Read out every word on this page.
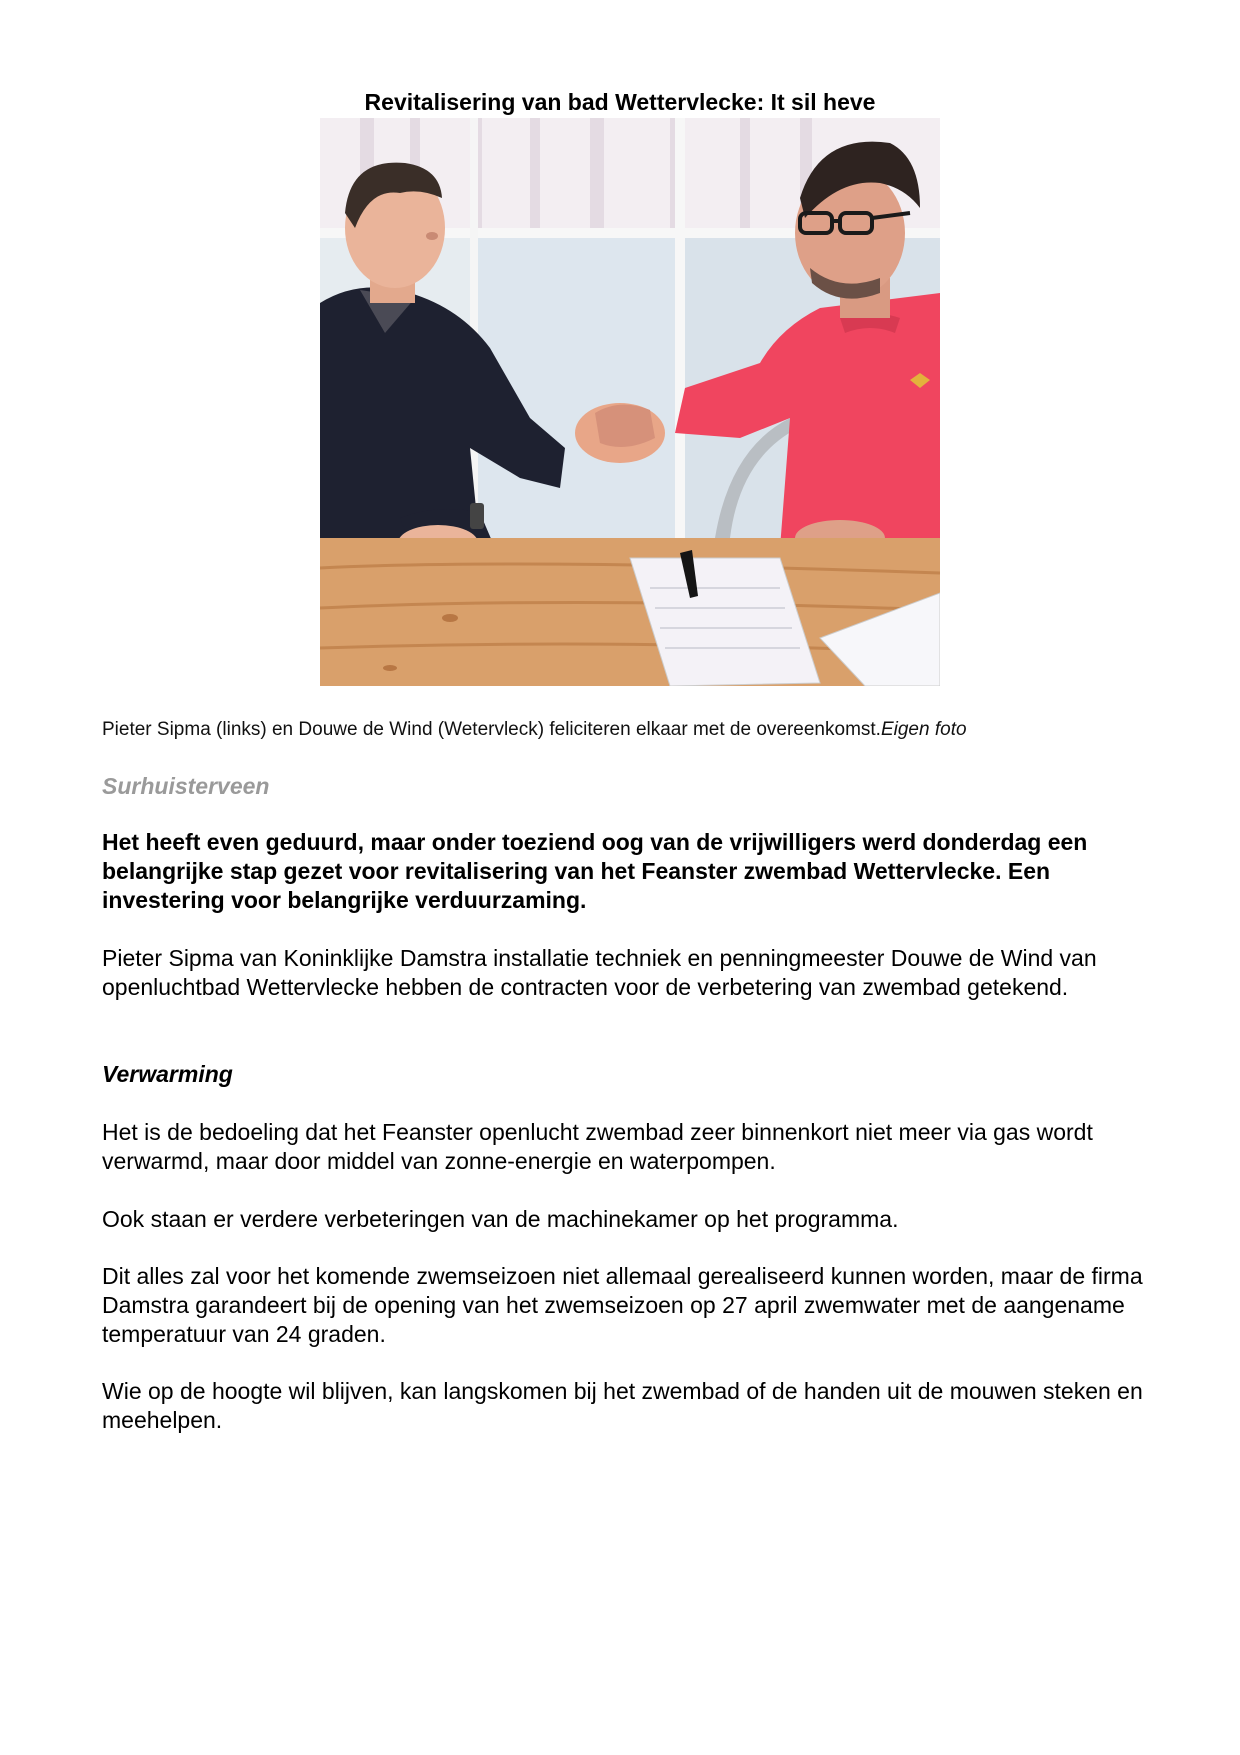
Revitalisering van bad Wettervlecke: It sil heve
Pieter Sipma (links) en Douwe de Wind (Wetervleck) feliciteren elkaar met de overeenkomst.Eigen foto
Surhuisterveen
Het heeft even geduurd, maar onder toeziend oog van de vrijwilligers werd donderdag een belangrijke stap gezet voor revitalisering van het Feanster zwembad Wettervlecke. Een investering voor belangrijke verduurzaming.
Pieter Sipma van Koninklijke Damstra installatie techniek en penningmeester Douwe de Wind van openluchtbad Wettervlecke hebben de contracten voor de verbetering van zwembad getekend.
Verwarming
Het is de bedoeling dat het Feanster openlucht zwembad zeer binnenkort niet meer via gas wordt verwarmd, maar door middel van zonne-energie en waterpompen.
Ook staan er verdere verbeteringen van de machinekamer op het programma.
Dit alles zal voor het komende zwemseizoen niet allemaal gerealiseerd kunnen worden, maar de firma Damstra garandeert bij de opening van het zwemseizoen op 27 april zwemwater met de aangename temperatuur van 24 graden.
Wie op de hoogte wil blijven, kan langskomen bij het zwembad of de handen uit de mouwen steken en meehelpen.
